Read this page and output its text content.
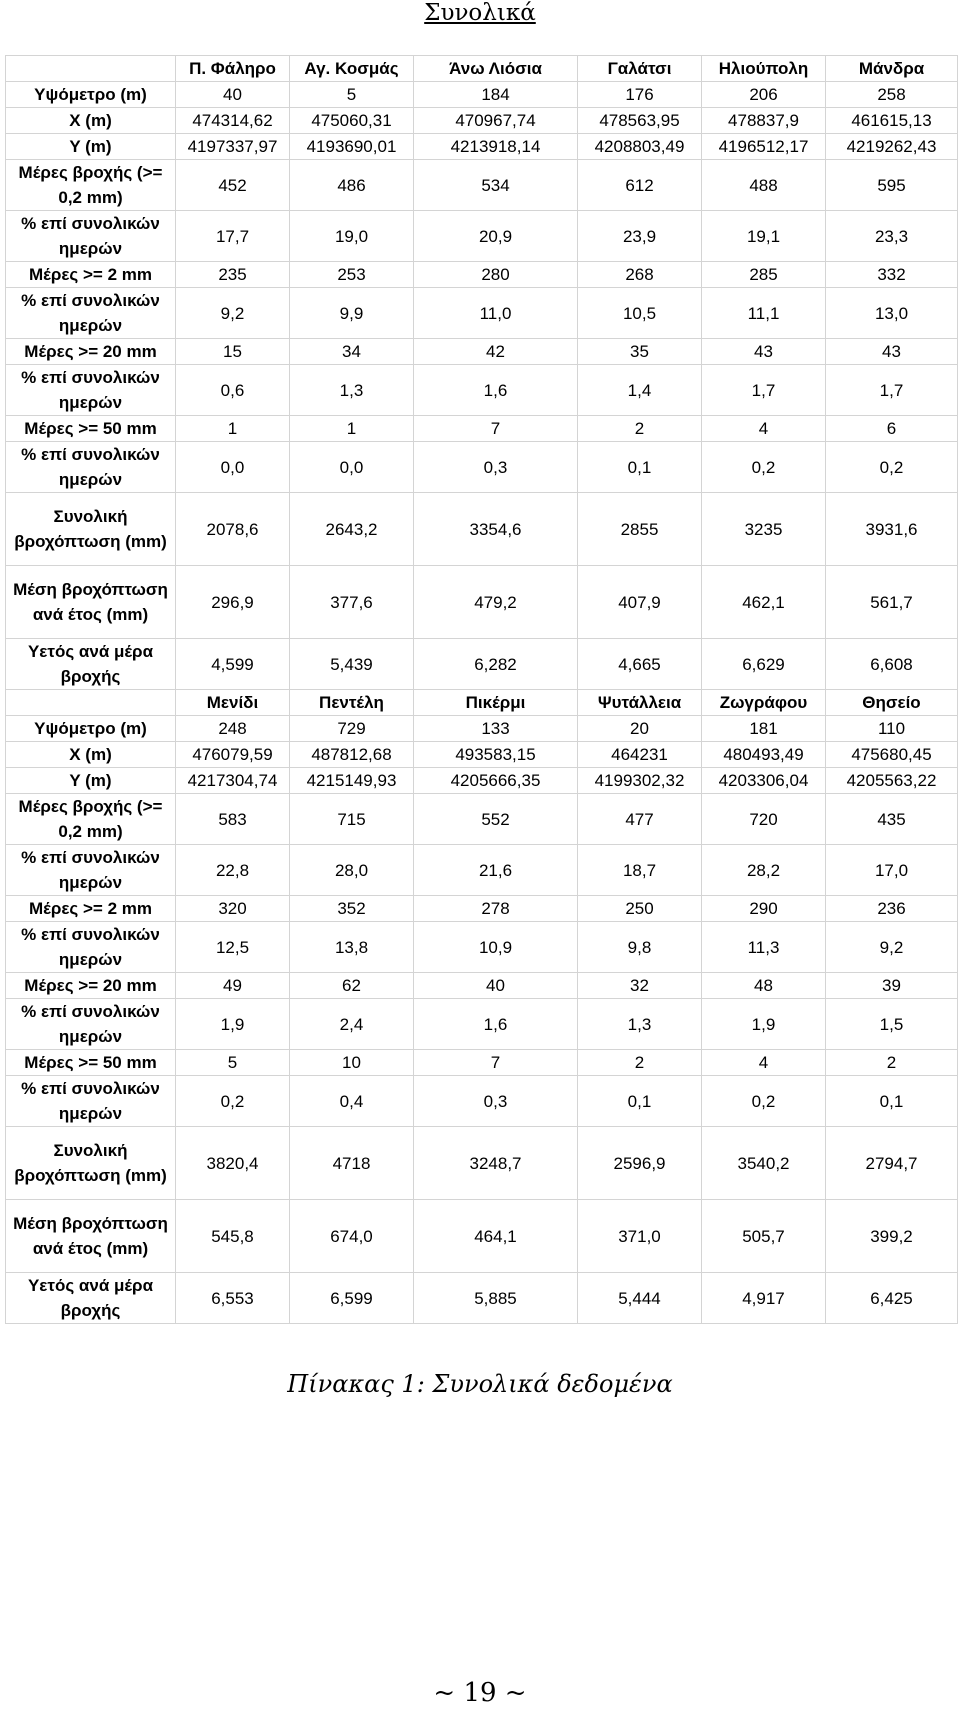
Συνολικά
	Π. Φάληρο	Αγ. Κοσμάς	Άνω Λιόσια	Γαλάτσι	Ηλιούπολη	Μάνδρα
Υψόμετρο (m)	40	5	184	176	206	258
X (m)	474314,62	475060,31	470967,74	478563,95	478837,9	461615,13
Y (m)	4197337,97	4193690,01	4213918,14	4208803,49	4196512,17	4219262,43
Μέρες βροχής (>= 0,2 mm)	452	486	534	612	488	595
% επί συνολικών ημερών	17,7	19,0	20,9	23,9	19,1	23,3
Μέρες >= 2 mm	235	253	280	268	285	332
% επί συνολικών ημερών	9,2	9,9	11,0	10,5	11,1	13,0
Μέρες >= 20 mm	15	34	42	35	43	43
% επί συνολικών ημερών	0,6	1,3	1,6	1,4	1,7	1,7
Μέρες >= 50 mm	1	1	7	2	4	6
% επί συνολικών ημερών	0,0	0,0	0,3	0,1	0,2	0,2
Συνολική βροχόπτωση (mm)	2078,6	2643,2	3354,6	2855	3235	3931,6
Μέση βροχόπτωση ανά έτος (mm)	296,9	377,6	479,2	407,9	462,1	561,7
Υετός ανά μέρα βροχής	4,599	5,439	6,282	4,665	6,629	6,608
	Μενίδι	Πεντέλη	Πικέρμι	Ψυτάλλεια	Ζωγράφου	Θησείο
Υψόμετρο (m)	248	729	133	20	181	110
X (m)	476079,59	487812,68	493583,15	464231	480493,49	475680,45
Y (m)	4217304,74	4215149,93	4205666,35	4199302,32	4203306,04	4205563,22
Μέρες βροχής (>= 0,2 mm)	583	715	552	477	720	435
% επί συνολικών ημερών	22,8	28,0	21,6	18,7	28,2	17,0
Μέρες >= 2 mm	320	352	278	250	290	236
% επί συνολικών ημερών	12,5	13,8	10,9	9,8	11,3	9,2
Μέρες >= 20 mm	49	62	40	32	48	39
% επί συνολικών ημερών	1,9	2,4	1,6	1,3	1,9	1,5
Μέρες >= 50 mm	5	10	7	2	4	2
% επί συνολικών ημερών	0,2	0,4	0,3	0,1	0,2	0,1
Συνολική βροχόπτωση (mm)	3820,4	4718	3248,7	2596,9	3540,2	2794,7
Μέση βροχόπτωση ανά έτος (mm)	545,8	674,0	464,1	371,0	505,7	399,2
Υετός ανά μέρα βροχής	6,553	6,599	5,885	5,444	4,917	6,425
Πίνακας 1: Συνολικά δεδομένα
~ 19 ~
